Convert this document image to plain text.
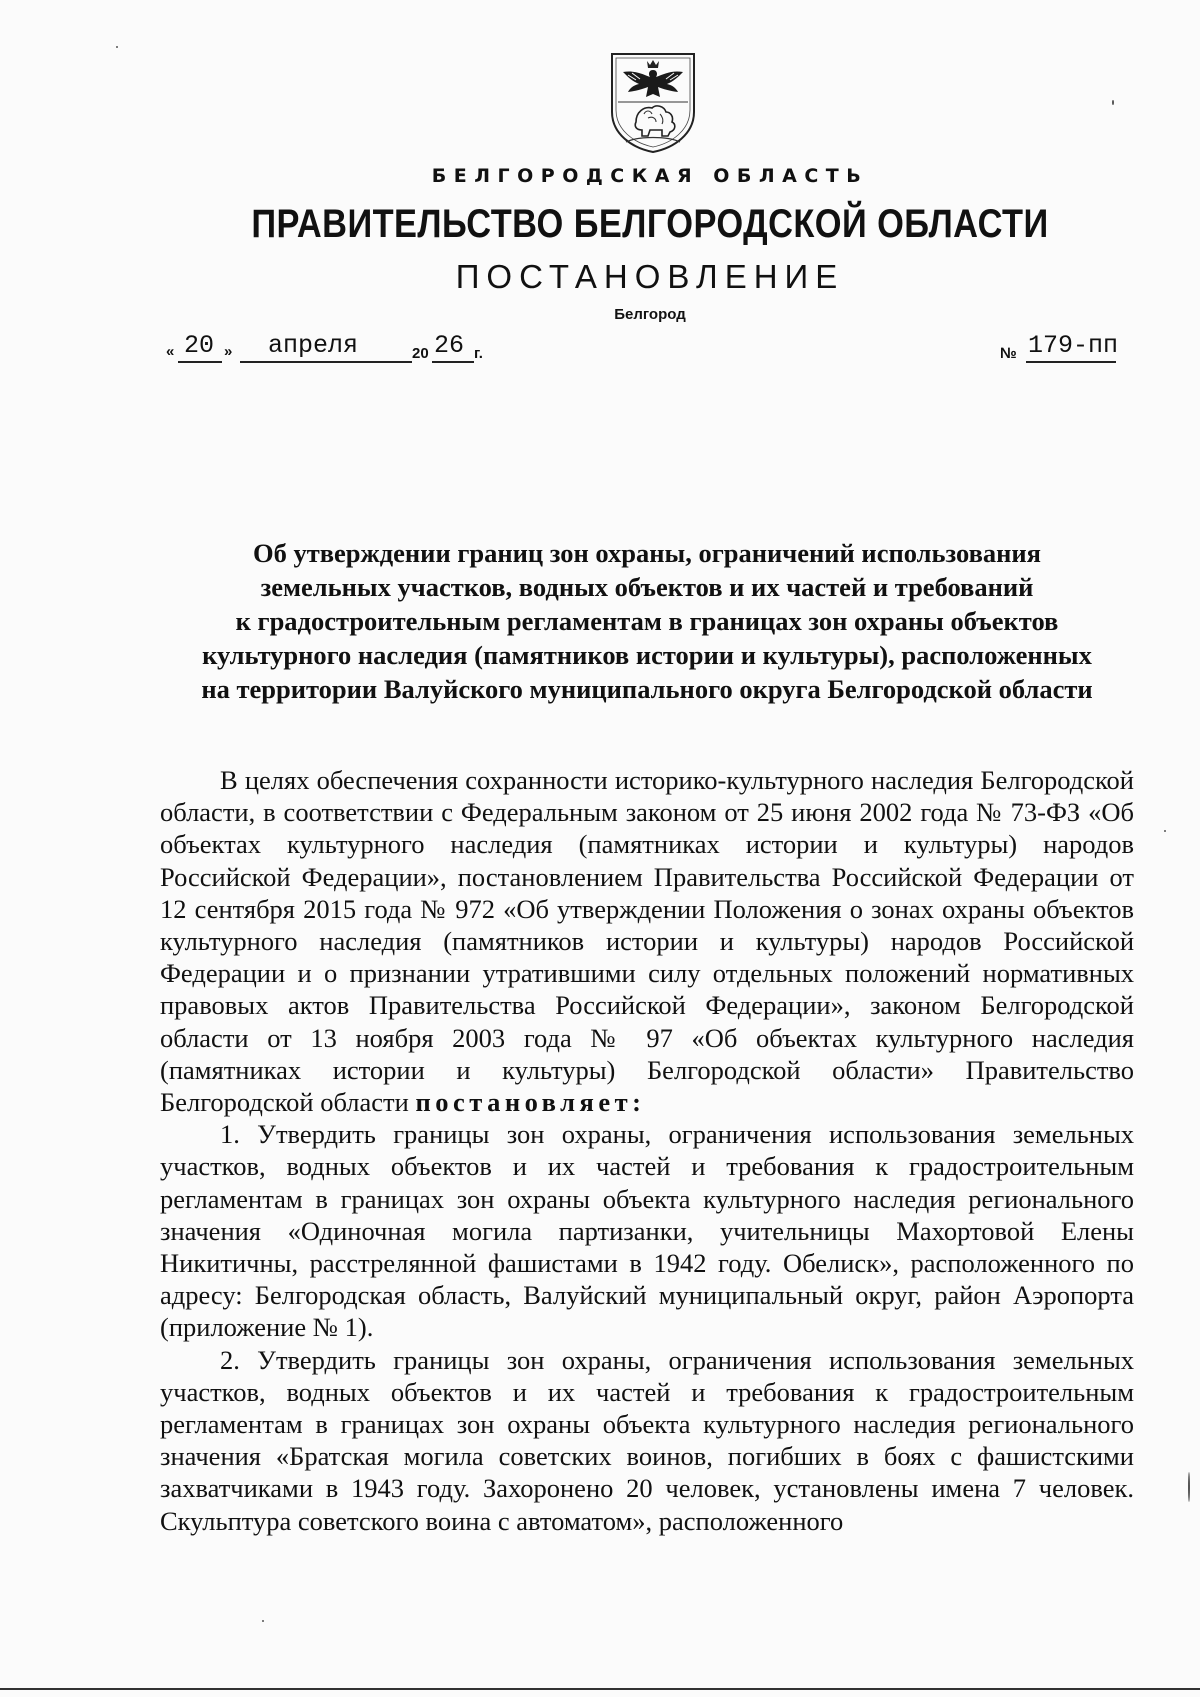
БЕЛГОРОДСКАЯ ОБЛАСТЬ
ПРАВИТЕЛЬСТВО БЕЛГОРОДСКОЙ ОБЛАСТИ
ПОСТАНОВЛЕНИЕ
Белгород
« 20 » апреля	20 26 г.	№ 179-пп
Об утверждении границ зон охраны, ограничений использования
земельных участков, водных объектов и их частей и требований
к градостроительным регламентам в границах зон охраны объектов
культурного наследия (памятников истории и культуры), расположенных
на территории Валуйского муниципального округа Белгородской области

В целях обеспечения сохранности историко-культурного наследия Белгородской области, в соответствии с Федеральным законом от 25 июня 2002 года № 73-ФЗ «Об объектах культурного наследия (памятниках истории и культуры) народов Российской Федерации», постановлением Правительства Российской Федерации от 12 сентября 2015 года № 972 «Об утверждении Положения о зонах охраны объектов культурного наследия (памятников истории и культуры) народов Российской Федерации и о признании утратившими силу отдельных положений нормативных правовых актов Правительства Российской Федерации», законом Белгородской области от 13 ноября 2003 года № 97 «Об объектах культурного наследия (памятниках истории и культуры) Белгородской области» Правительство Белгородской области постановляет:

1. Утвердить границы зон охраны, ограничения использования земельных участков, водных объектов и их частей и требования к градостроительным регламентам в границах зон охраны объекта культурного наследия регионального значения «Одиночная могила партизанки, учительницы Махортовой Елены Никитичны, расстрелянной фашистами в 1942 году. Обелиск», расположенного по адресу: Белгородская область, Валуйский муниципальный округ, район Аэропорта (приложение № 1).

2. Утвердить границы зон охраны, ограничения использования земельных участков, водных объектов и их частей и требования к градостроительным регламентам в границах зон охраны объекта культурного наследия регионального значения «Братская могила советских воинов, погибших в боях с фашистскими захватчиками в 1943 году. Захоронено 20 человек, установлены имена 7 человек. Скульптура советского воина с автоматом», расположенного
